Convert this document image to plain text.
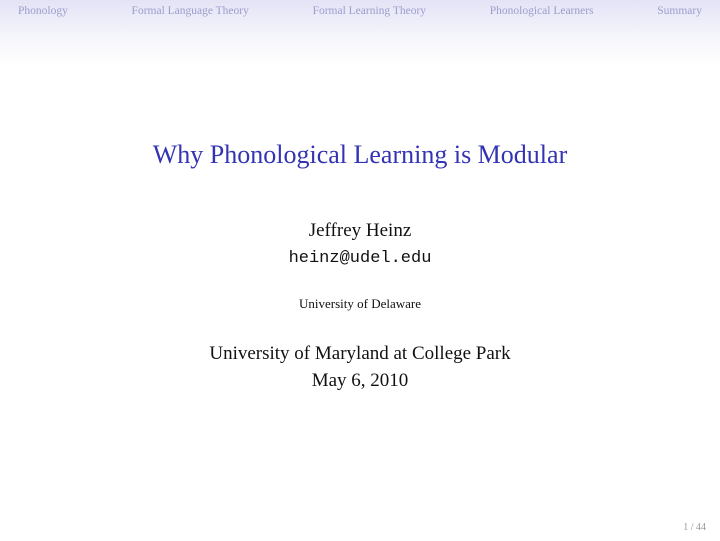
Phonology	Formal Language Theory	Formal Learning Theory	Phonological Learners	Summary
Why Phonological Learning is Modular
Jeffrey Heinz
heinz@udel.edu
University of Delaware
University of Maryland at College Park
May 6, 2010
1 / 44
